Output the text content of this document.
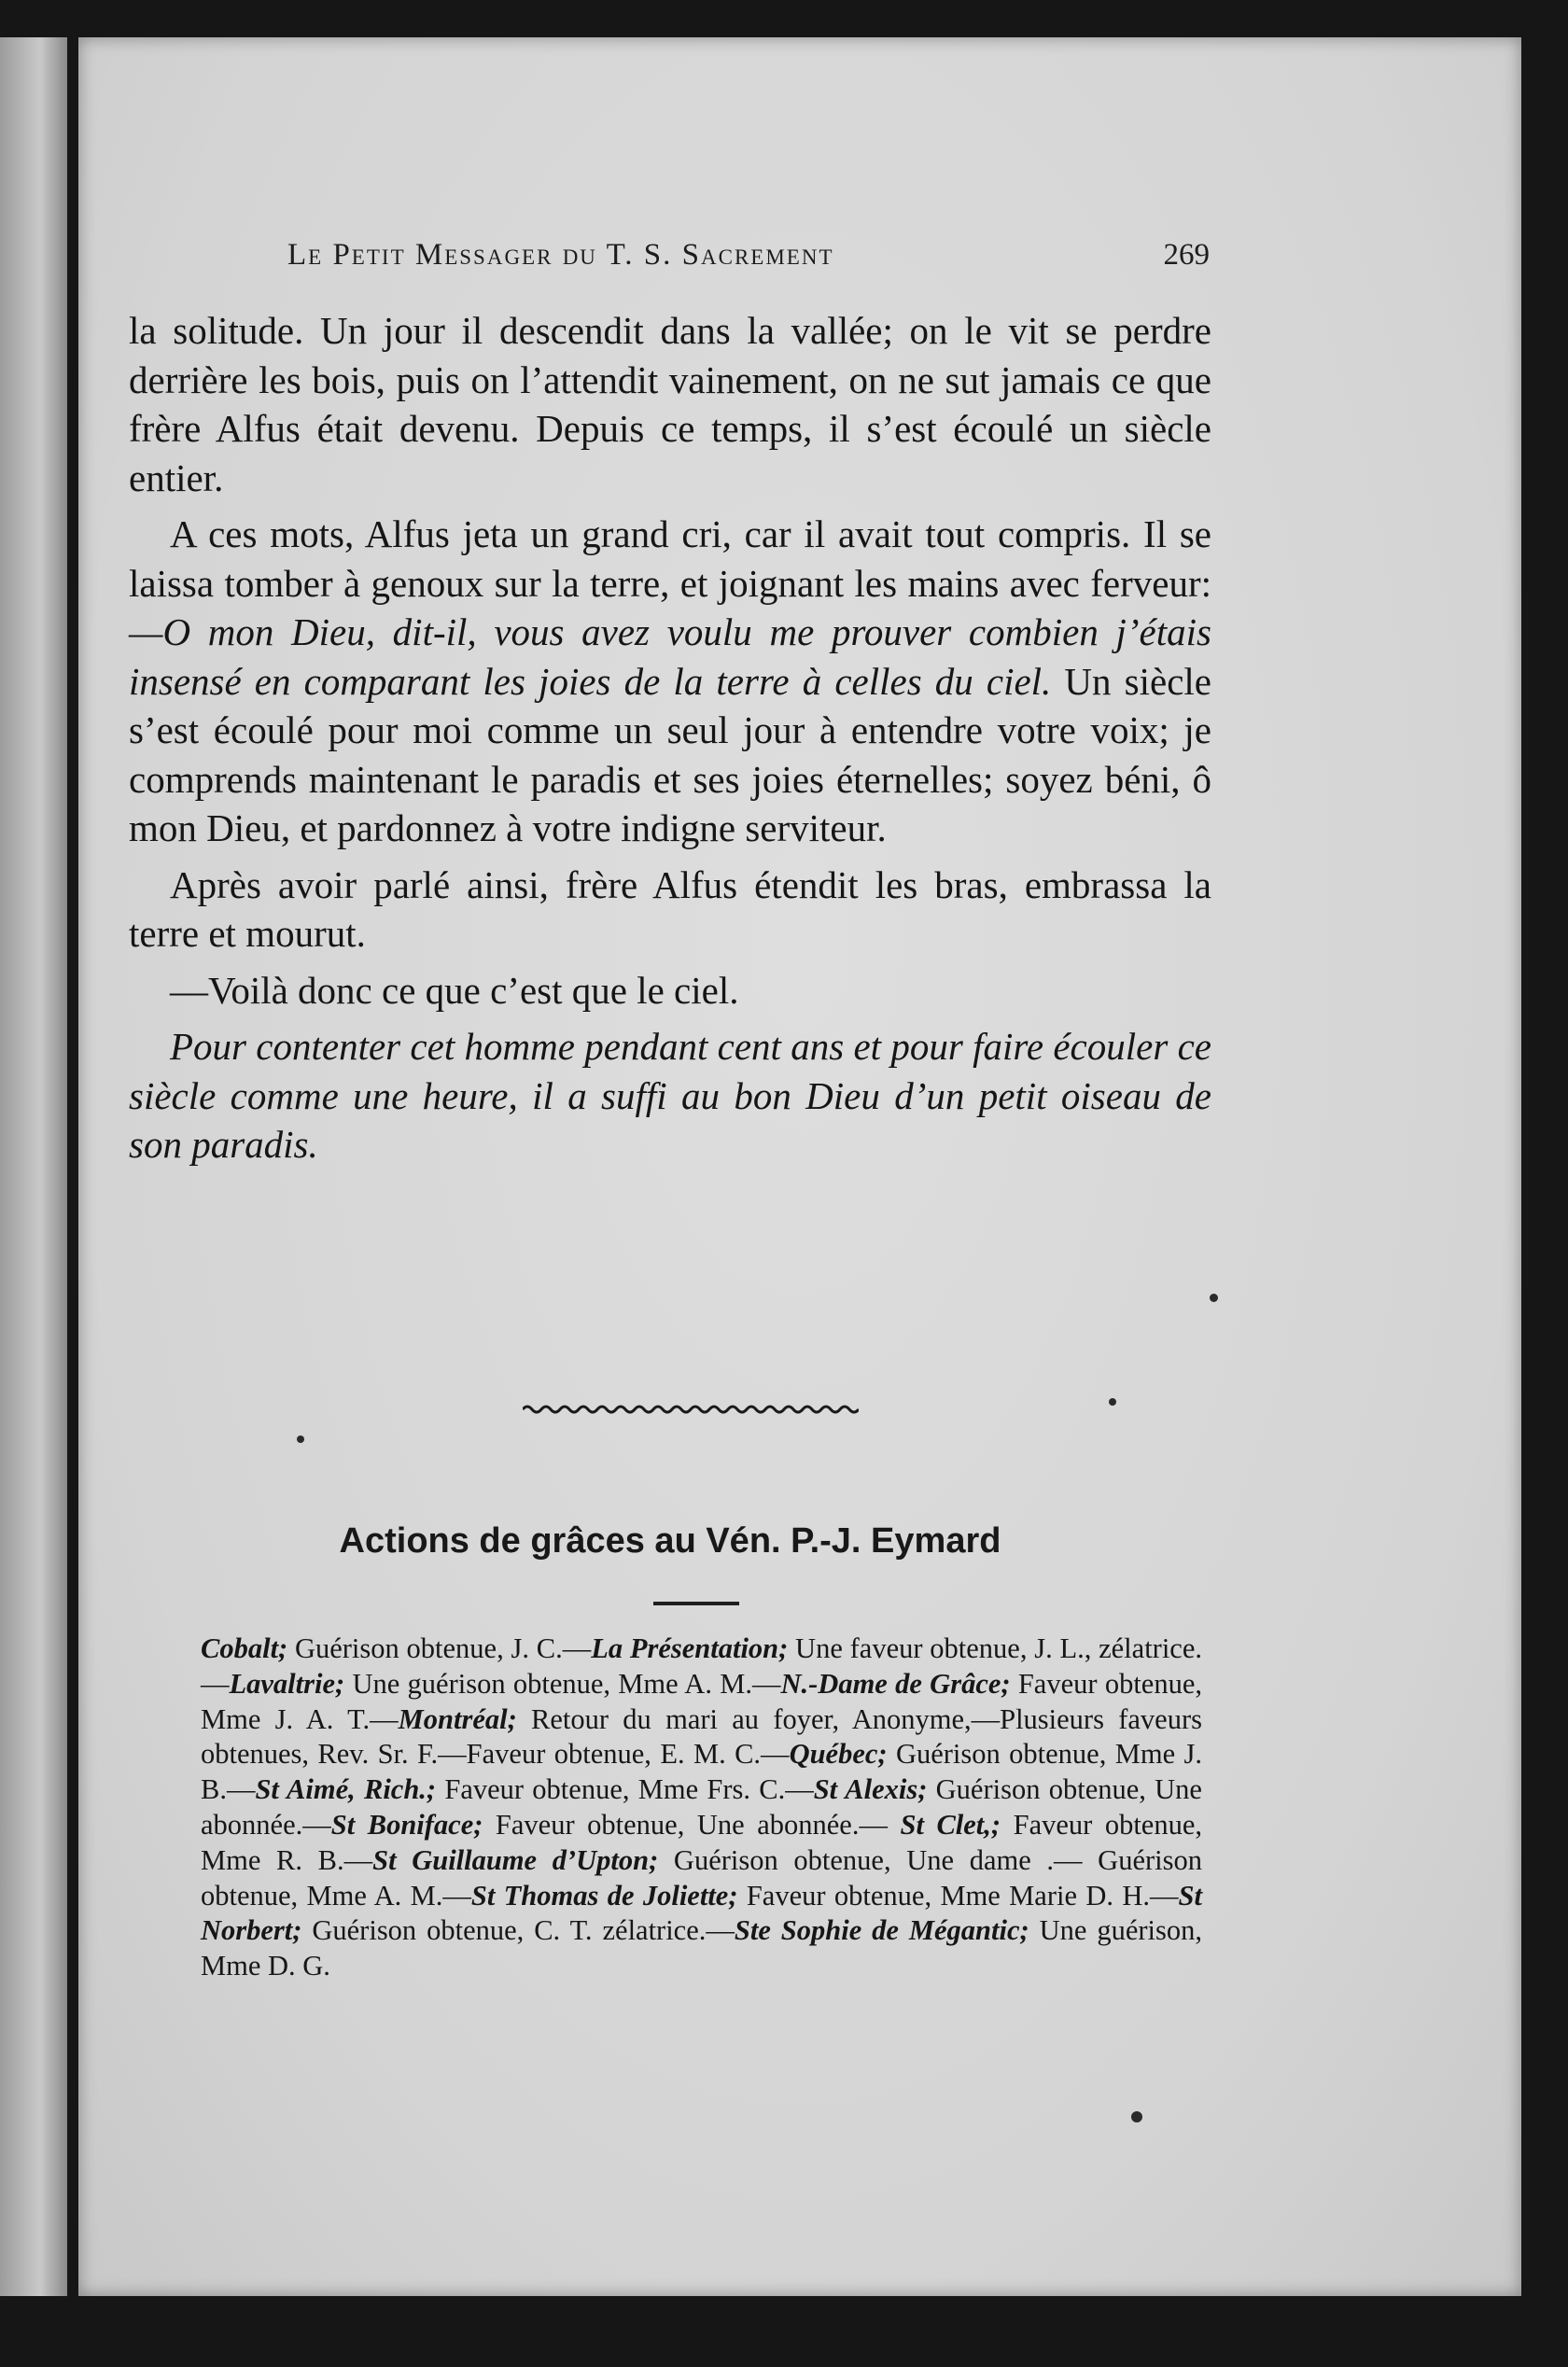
Le Petit Messager du T. S. Sacrement	269

la solitude. Un jour il descendit dans la vallée; on le vit se perdre derrière les bois, puis on l’attendit vainement, on ne sut jamais ce que frère Alfus était devenu. Depuis ce temps, il s’est écoulé un siècle entier.

A ces mots, Alfus jeta un grand cri, car il avait tout compris. Il se laissa tomber à genoux sur la terre, et joignant les mains avec ferveur:—O mon Dieu, dit-il, vous avez voulu me prouver combien j’étais insensé en comparant les joies de la terre à celles du ciel. Un siècle s’est écoulé pour moi comme un seul jour à entendre votre voix; je comprends maintenant le paradis et ses joies éternelles; soyez béni, ô mon Dieu, et pardonnez à votre indigne serviteur.

Après avoir parlé ainsi, frère Alfus étendit les bras, embrassa la terre et mourut.

—Voilà donc ce que c’est que le ciel.

Pour contenter cet homme pendant cent ans et pour faire écouler ce siècle comme une heure, il a suffi au bon Dieu d’un petit oiseau de son paradis.

Actions de grâces au Vén. P.-J. Eymard
Cobalt; Guérison obtenue, J. C.—La Présentation; Une faveur obtenue, J. L., zélatrice.—Lavaltrie; Une guérison obtenue, Mme A. M.—N.-Dame de Grâce; Faveur obtenue, Mme J. A. T.—Montréal; Retour du mari au foyer, Anonyme,—Plusieurs faveurs obtenues, Rev. Sr. F.—Faveur obtenue, E. M. C.—Québec; Guérison obtenue, Mme J. B.—St Aimé, Rich.; Faveur obtenue, Mme Frs. C.—St Alexis; Guérison obtenue, Une abonnée.—St Boniface; Faveur obtenue, Une abonnée.— St Clet,; Faveur obtenue, Mme R. B.—St Guillaume d’Upton; Guérison obtenue, Une dame .— Guérison obtenue, Mme A. M.—St Thomas de Joliette; Faveur obtenue, Mme Marie D. H.—St Norbert; Guérison obtenue, C. T. zélatrice.—Ste Sophie de Mégantic; Une guérison, Mme D. G.
